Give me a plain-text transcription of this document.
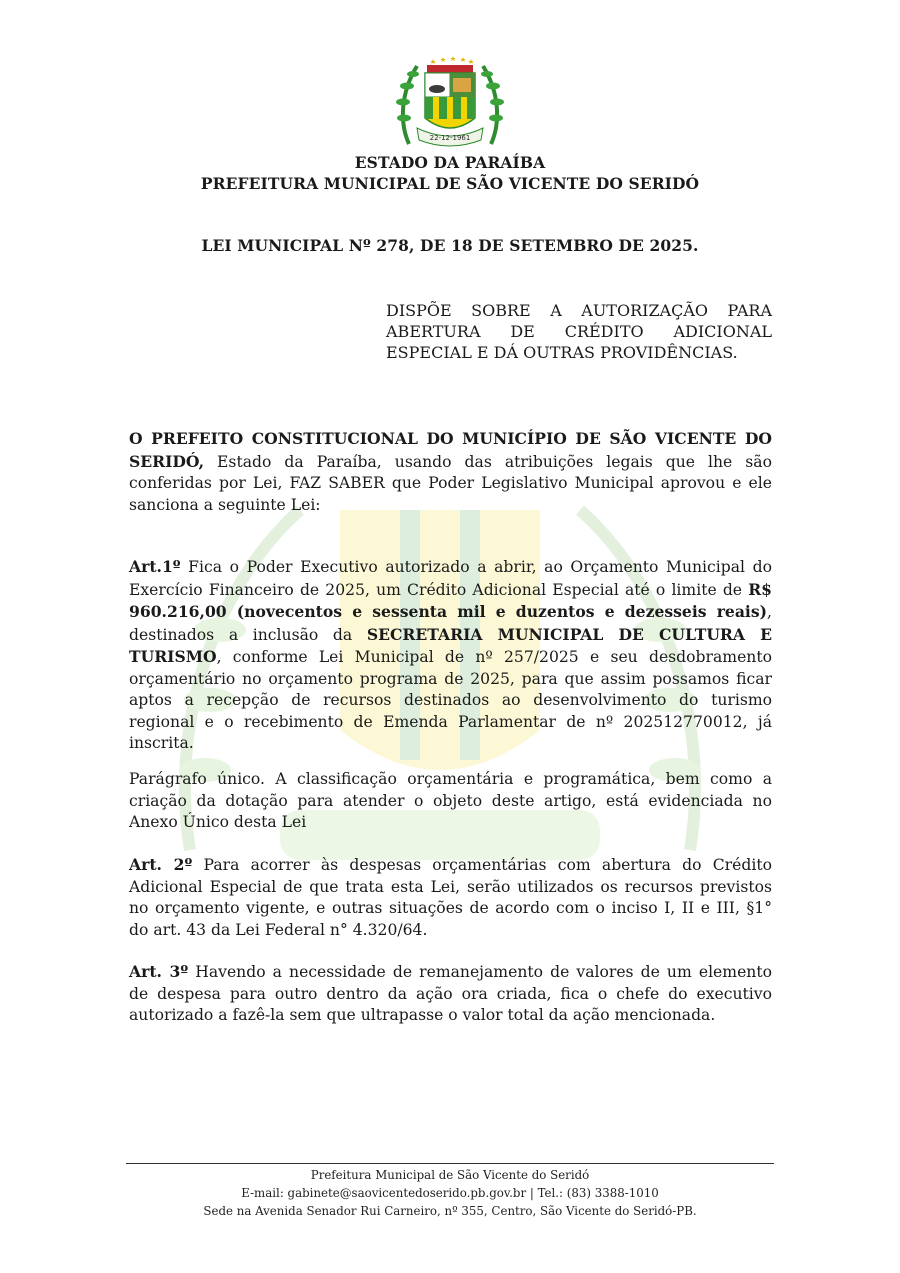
22-12-1961
ESTADO DA PARAÍBA
PREFEITURA MUNICIPAL DE SÃO VICENTE DO SERIDÓ
LEI MUNICIPAL Nº 278, DE 18 DE SETEMBRO DE 2025.
DISPÕE SOBRE A AUTORIZAÇÃO PARA
ABERTURA DE CRÉDITO ADICIONAL
ESPECIAL E DÁ OUTRAS PROVIDÊNCIAS.
O PREFEITO CONSTITUCIONAL DO MUNICÍPIO DE SÃO VICENTE DO SERIDÓ, Estado da Paraíba, usando das atribuições legais que lhe são conferidas por Lei, FAZ SABER que Poder Legislativo Municipal aprovou e ele sanciona a seguinte Lei:
Art.1º Fica o Poder Executivo autorizado a abrir, ao Orçamento Municipal do Exercício Financeiro de 2025, um Crédito Adicional Especial até o limite de R$ 960.216,00 (novecentos e sessenta mil e duzentos e dezesseis reais), destinados a inclusão da SECRETARIA MUNICIPAL DE CULTURA E TURISMO, conforme Lei Municipal de nº 257/2025 e seu desdobramento orçamentário no orçamento programa de 2025, para que assim possamos ficar aptos a recepção de recursos destinados ao desenvolvimento do turismo regional e o recebimento de Emenda Parlamentar de nº 202512770012, já inscrita.
Parágrafo único. A classificação orçamentária e programática, bem como a criação da dotação para atender o objeto deste artigo, está evidenciada no Anexo Único desta Lei
Art. 2º Para acorrer às despesas orçamentárias com abertura do Crédito Adicional Especial de que trata esta Lei, serão utilizados os recursos previstos no orçamento vigente, e outras situações de acordo com o inciso I, II e III, §1° do art. 43 da Lei Federal n° 4.320/64.
Art. 3º Havendo a necessidade de remanejamento de valores de um elemento de despesa para outro dentro da ação ora criada, fica o chefe do executivo autorizado a fazê-la sem que ultrapasse o valor total da ação mencionada.
Prefeitura Municipal de São Vicente do Seridó
E-mail: gabinete@saovicentedoserido.pb.gov.br | Tel.: (83) 3388-1010
Sede na Avenida Senador Rui Carneiro, nº 355, Centro, São Vicente do Seridó-PB.
